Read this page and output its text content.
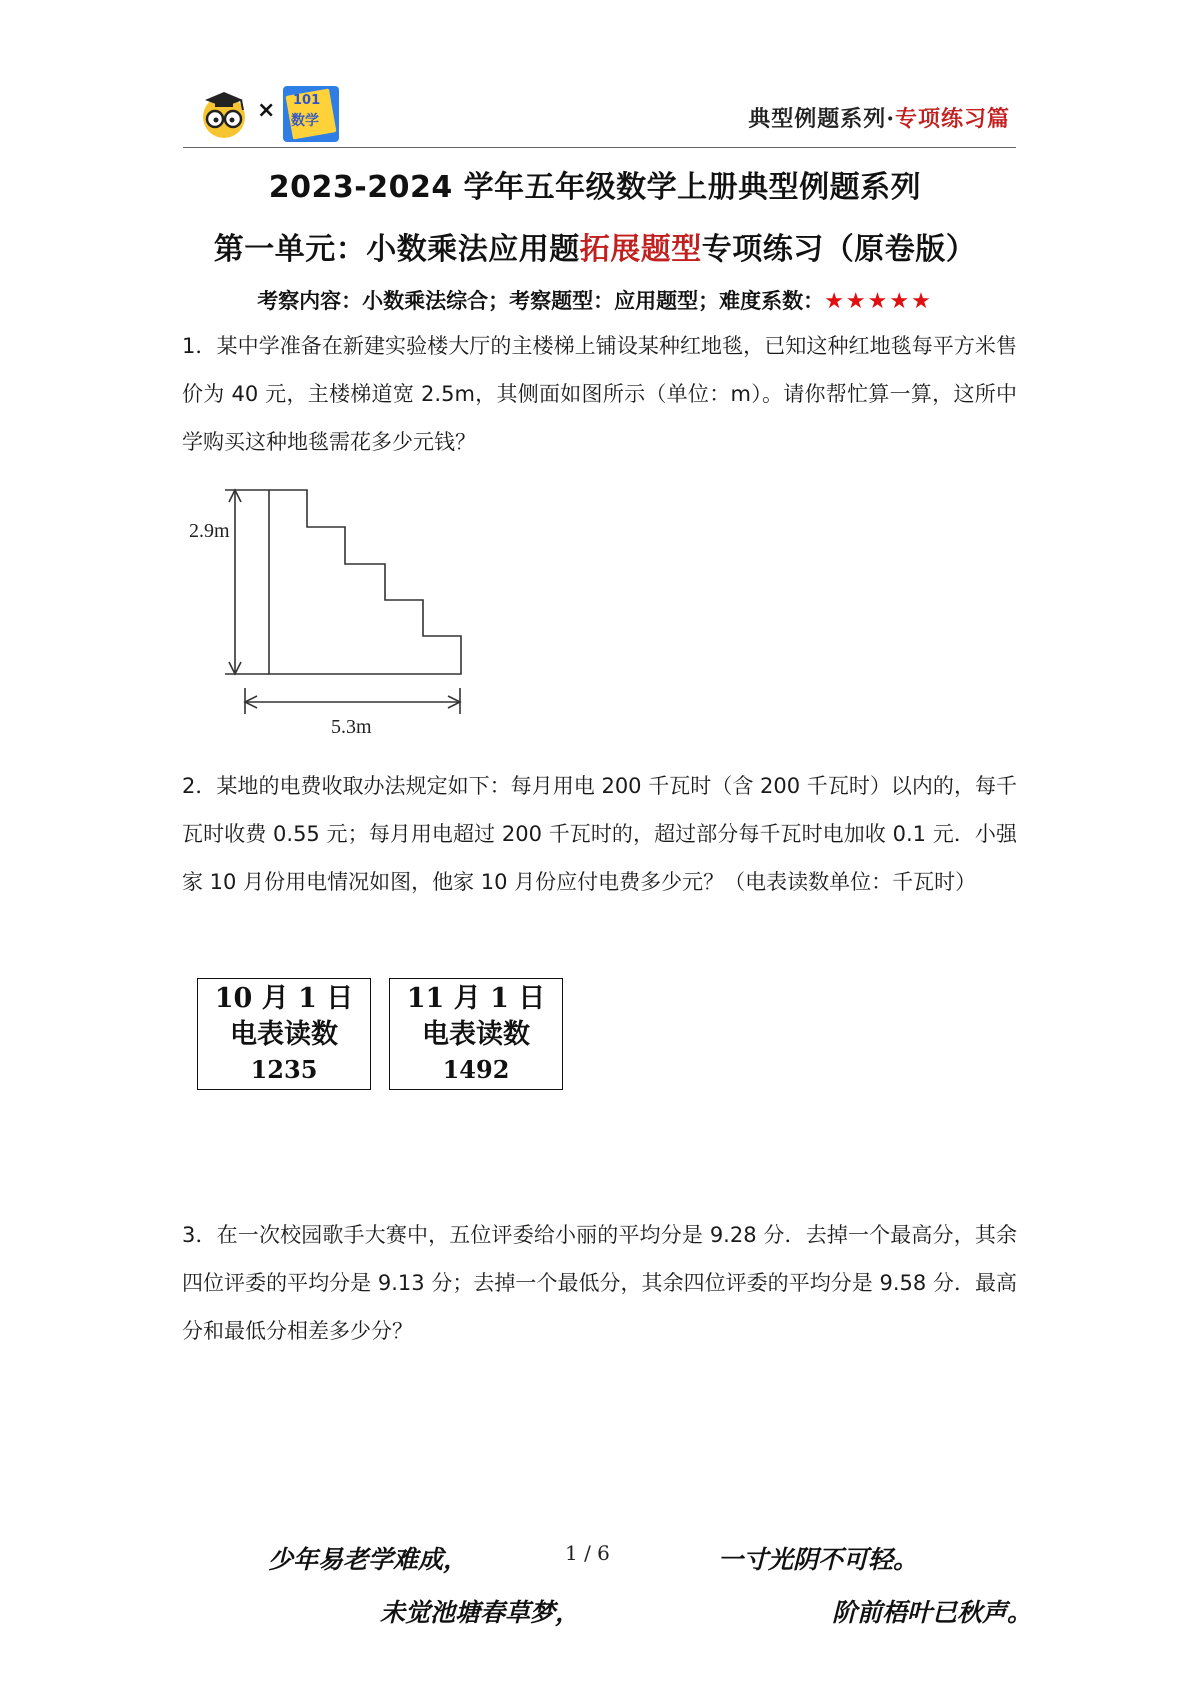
× 101
数学	典型例题系列·专项练习篇
2023-2024 学年五年级数学上册典型例题系列
第一单元：小数乘法应用题拓展题型专项练习（原卷版）
考察内容：小数乘法综合；考察题型：应用题型；难度系数：★★★★★
1．某中学准备在新建实验楼大厅的主楼梯上铺设某种红地毯，已知这种红地毯每平方米售价为 40 元，主楼梯道宽 2.5m，其侧面如图所示（单位：m）。请你帮忙算一算，这所中学购买这种地毯需花多少元钱？
2.9m
5.3m
2．某地的电费收取办法规定如下：每月用电 200 千瓦时（含 200 千瓦时）以内的，每千瓦时收费 0.55 元；每月用电超过 200 千瓦时的，超过部分每千瓦时电加收 0.1 元．小强家 10 月份用电情况如图，他家 10 月份应付电费多少元？（电表读数单位：千瓦时）
10 月 1 日
电表读数
1235
11 月 1 日
电表读数
1492
3．在一次校园歌手大赛中，五位评委给小丽的平均分是 9.28 分．去掉一个最高分，其余四位评委的平均分是 9.13 分；去掉一个最低分，其余四位评委的平均分是 9.58 分．最高分和最低分相差多少分？
少年易老学难成，	1 / 6	一寸光阴不可轻。
未觉池塘春草梦，	阶前梧叶已秋声。
